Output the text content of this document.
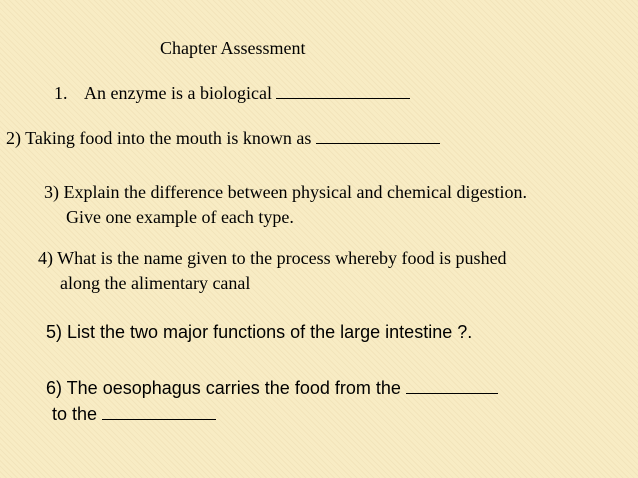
Chapter Assessment

1. An enzyme is a biological

2) Taking food into the mouth is known as

3) Explain the difference between physical and chemical digestion.

Give one example of each type.

4) What is the name given to the process whereby food is pushed

along the alimentary canal

5) List the two major functions of the large intestine ?.

6) The oesophagus carries the food from the

to the
